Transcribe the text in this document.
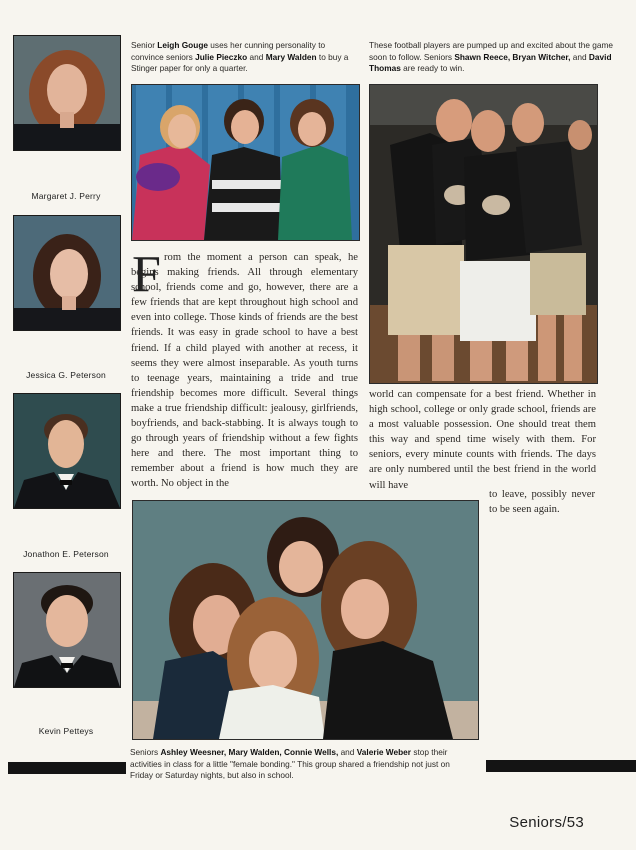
Margaret J. Perry
Jessica G. Peterson
Jonathon E. Peterson
Kevin Petteys
Senior Leigh Gouge uses her cunning personality to convince seniors Julie Pieczko and Mary Walden to buy a Stinger paper for only a quarter.
These football players are pumped up and excited about the game soon to follow. Seniors Shawn Reece, Bryan Witcher, and David Thomas are ready to win.
F rom the moment a person can speak, he begins making friends. All through elementary school, friends come and go, however, there are a few friends that are kept throughout high school and even into college. Those kinds of friends are the best friends. It was easy in grade school to have a best friend. If a child played with another at recess, it seems they were almost inseparable. As youth turns to teenage years, maintaining a tride and true friendship becomes more difficult. Several things make a true friendship difficult: jealousy, girlfriends, boyfriends, and back-stabbing. It is always tough to go through years of friendship without a few fights here and there. The most important thing to remember about a friend is how much they are worth. No object in the

world can compensate for a best friend. Whether in high school, college or only grade school, friends are a most valuable possession. One should treat them this way and spend time wisely with them. For seniors, every minute counts with friends. The days are only numbered until the best friend in the world will have

to leave, possibly never to be seen again.

Seniors Ashley Weesner, Mary Walden, Connie Wells, and Valerie Weber stop their activities in class for a little "female bonding." This group shared a friendship not just on Friday or Saturday nights, but also in school.
Seniors/53
